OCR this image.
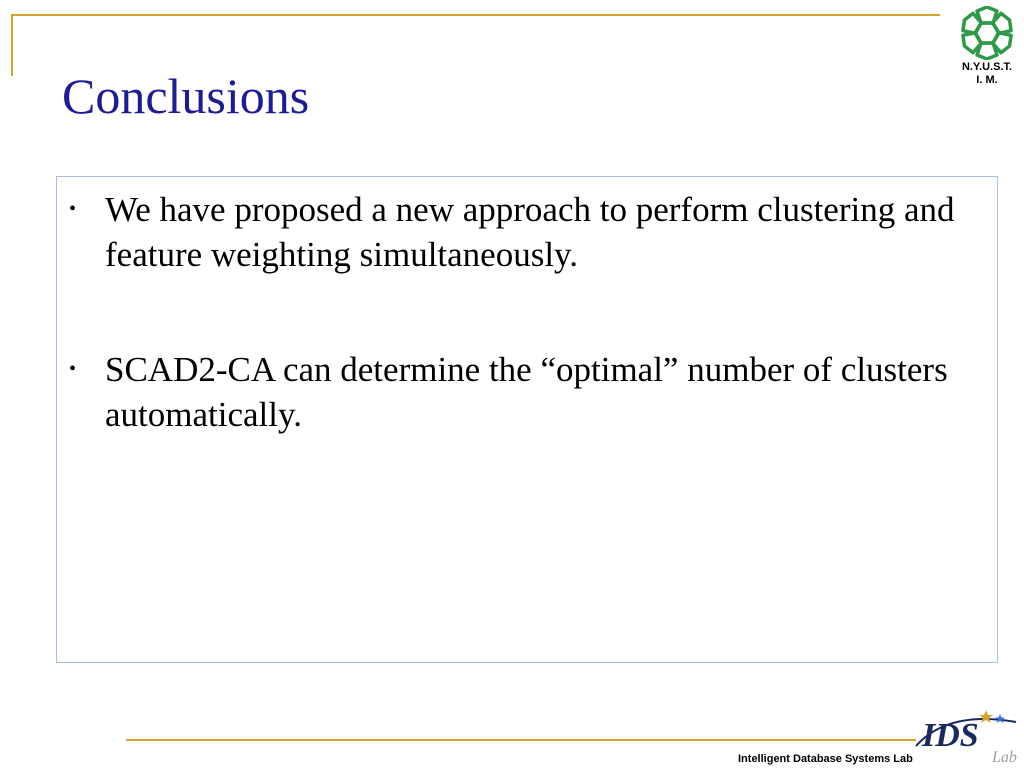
N.Y.U.S.T.
I. M.
Conclusions
• We have proposed a new approach to perform clustering and feature weighting simultaneously.
• SCAD2-CA can determine the “optimal” number of clusters automatically.
Intelligent Database Systems Lab
IDS
Lab
